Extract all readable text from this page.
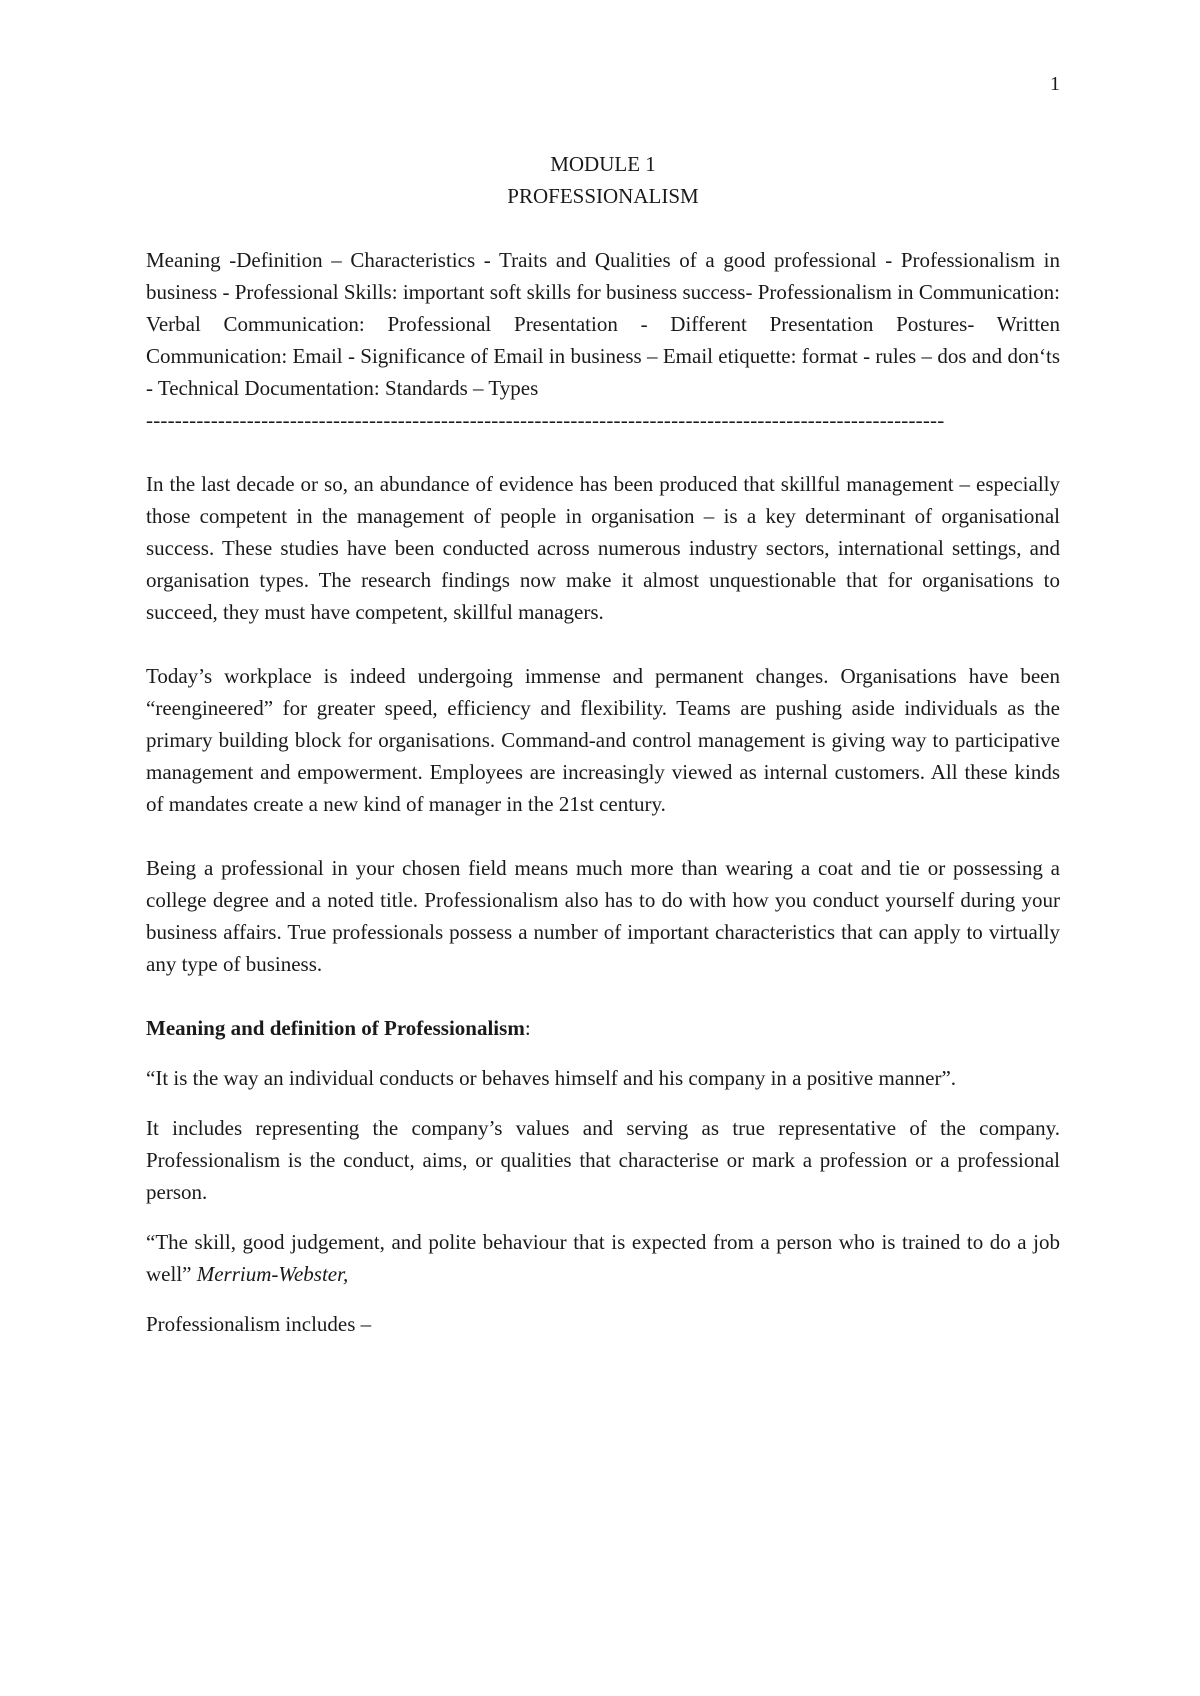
1
MODULE 1
PROFESSIONALISM

Meaning -Definition – Characteristics - Traits and Qualities of a good professional - Professionalism in business - Professional Skills: important soft skills for business success- Professionalism in Communication: Verbal Communication: Professional Presentation - Different Presentation Postures- Written Communication: Email - Significance of Email in business – Email etiquette: format - rules – dos and don‘ts - Technical Documentation: Standards – Types

---------------------------------------------------------------------------------------------------------------

In the last decade or so, an abundance of evidence has been produced that skillful management – especially those competent in the management of people in organisation – is a key determinant of organisational success. These studies have been conducted across numerous industry sectors, international settings, and organisation types. The research findings now make it almost unquestionable that for organisations to succeed, they must have competent, skillful managers.

Today’s workplace is indeed undergoing immense and permanent changes. Organisations have been “reengineered” for greater speed, efficiency and flexibility. Teams are pushing aside individuals as the primary building block for organisations. Command-and control management is giving way to participative management and empowerment. Employees are increasingly viewed as internal customers. All these kinds of mandates create a new kind of manager in the 21st century.

Being a professional in your chosen field means much more than wearing a coat and tie or possessing a college degree and a noted title. Professionalism also has to do with how you conduct yourself during your business affairs. True professionals possess a number of important characteristics that can apply to virtually any type of business.

Meaning and definition of Professionalism:

“It is the way an individual conducts or behaves himself and his company in a positive manner”.

It includes representing the company’s values and serving as true representative of the company. Professionalism is the conduct, aims, or qualities that characterise or mark a profession or a professional person.

“The skill, good judgement, and polite behaviour that is expected from a person who is trained to do a job well” Merrium-Webster,

Professionalism includes –
